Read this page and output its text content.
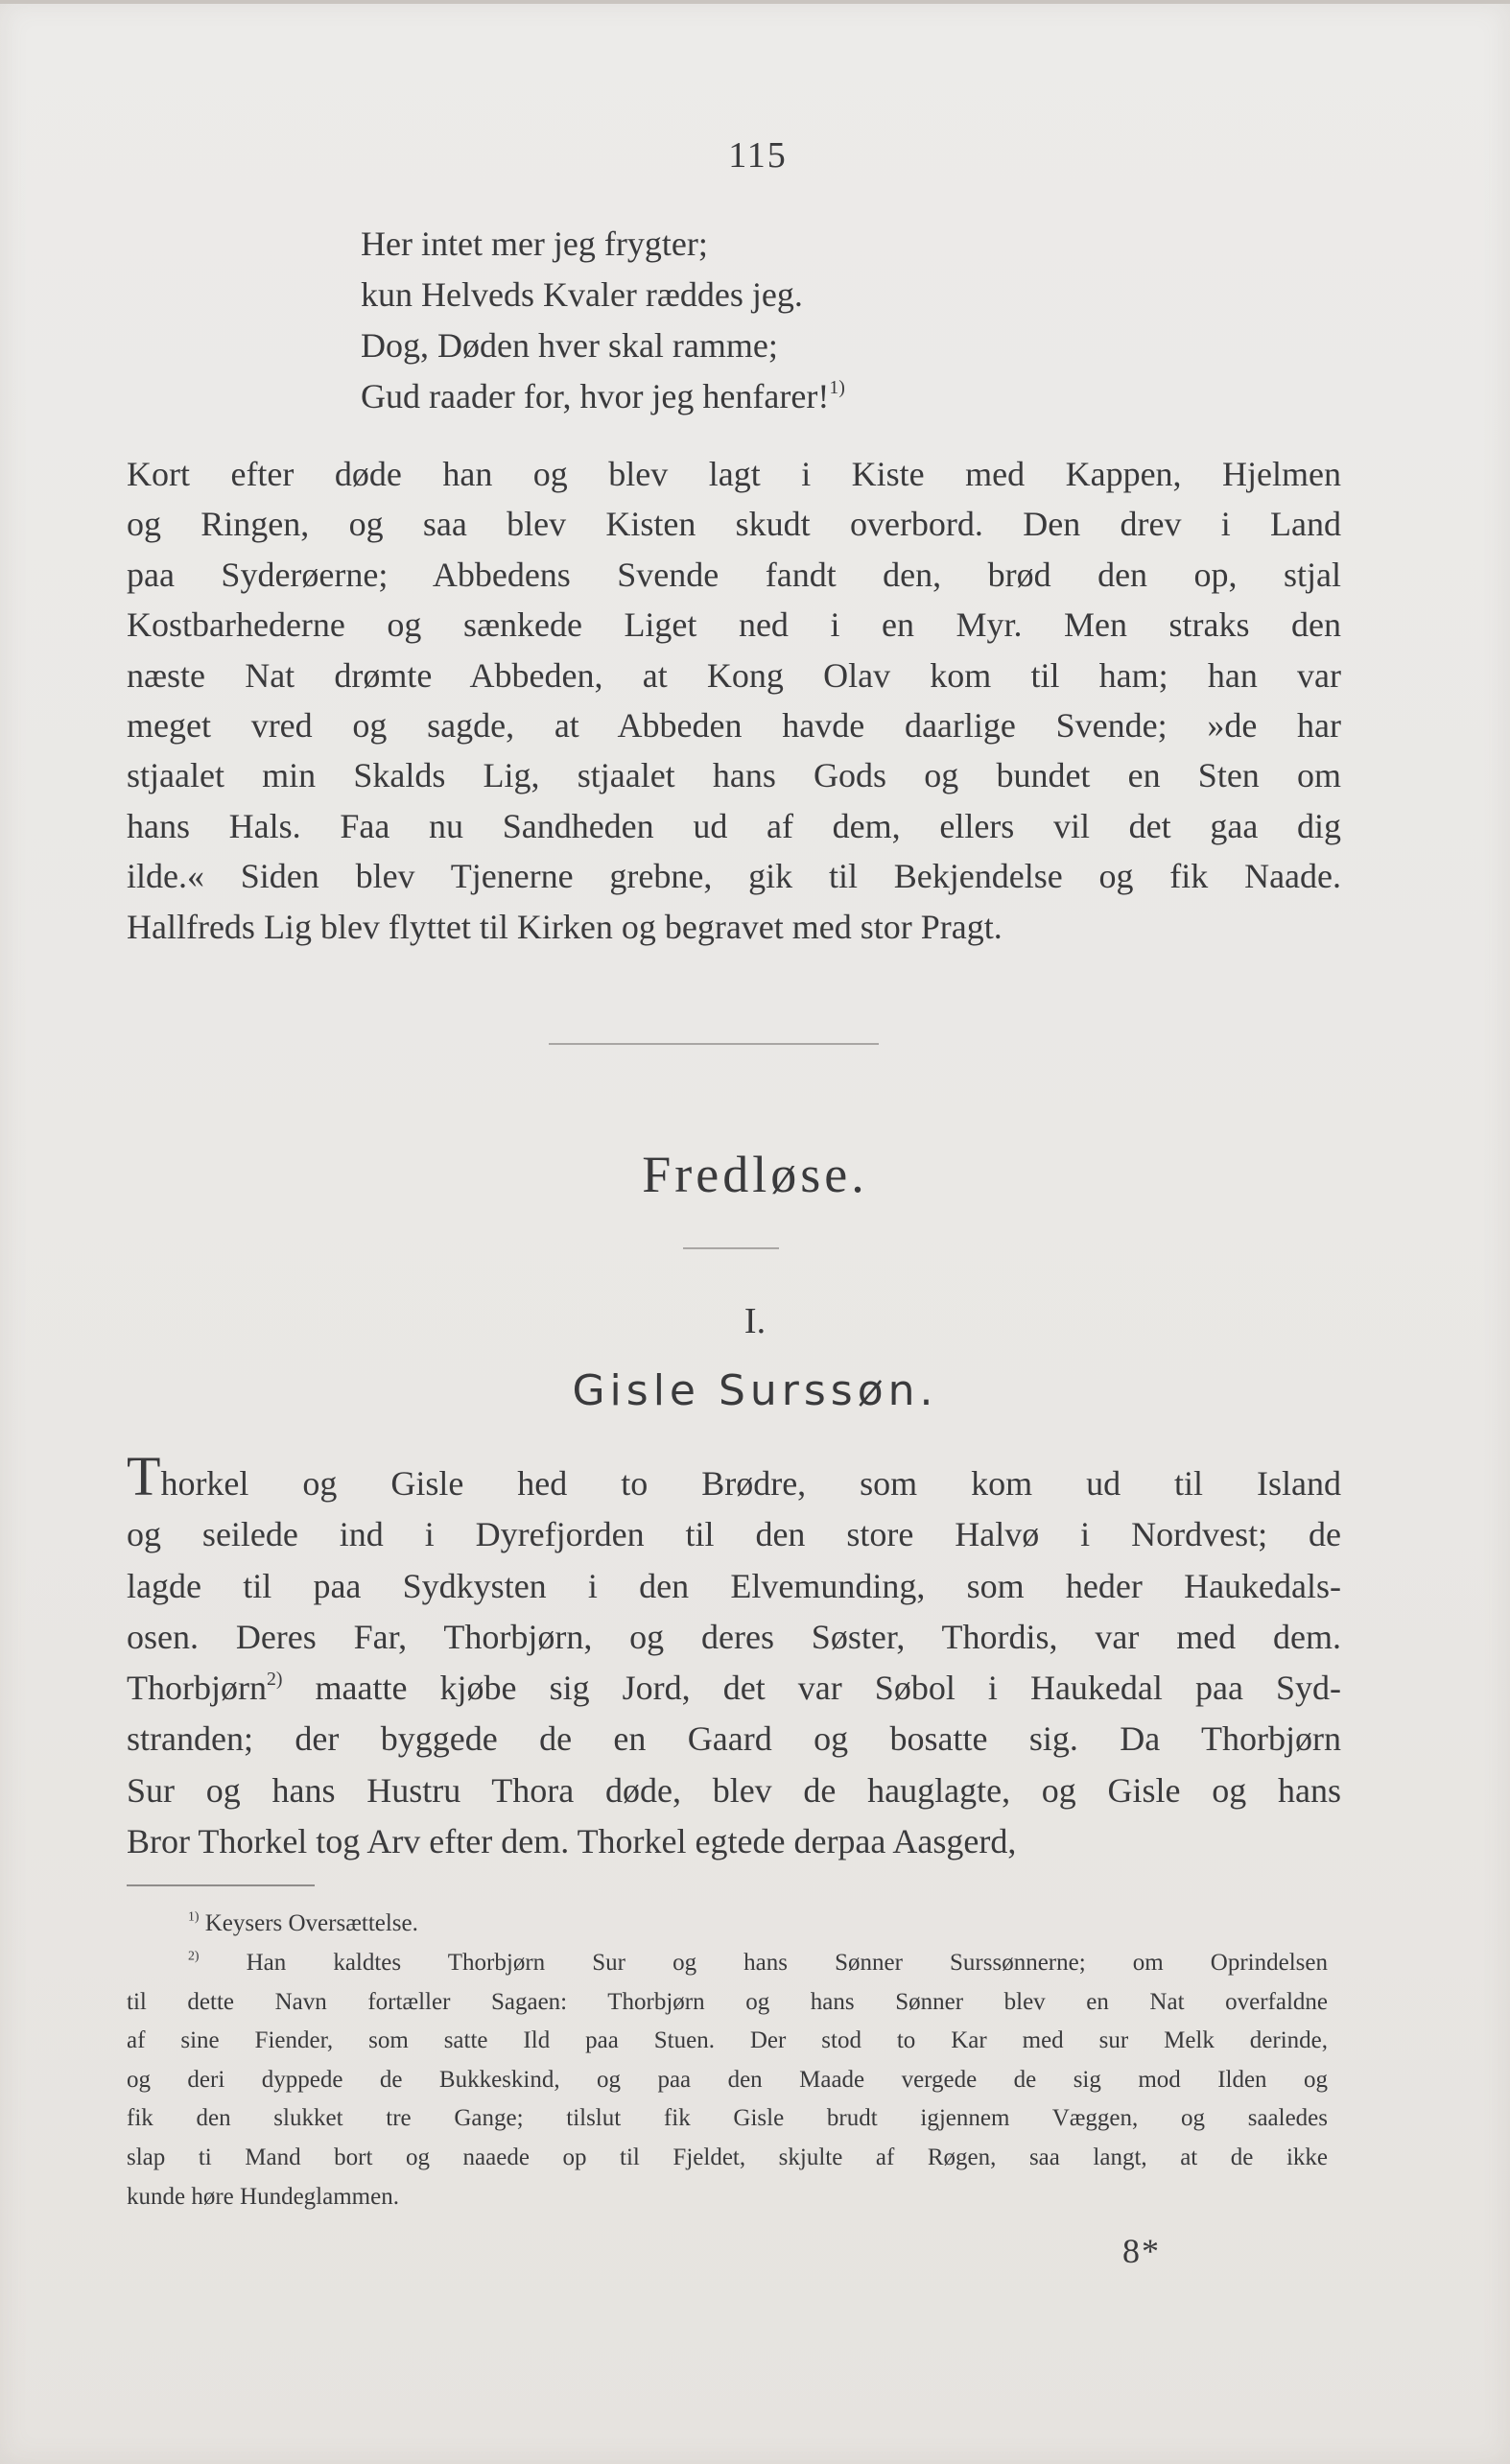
115
Her intet mer jeg frygter;
kun Helveds Kvaler ræddes jeg.
Dog, Døden hver skal ramme;
Gud raader for, hvor jeg henfarer!$^{1)}$
Kort efter døde han og blev lagt i Kiste med Kappen, Hjelmen
og Ringen, og saa blev Kisten skudt overbord. Den drev i Land
paa Syderøerne; Abbedens Svende fandt den, brød den op, stjal
Kostbarhederne og sænkede Liget ned i en Myr. Men straks den
næste Nat drømte Abbeden, at Kong Olav kom til ham; han var
meget vred og sagde, at Abbeden havde daarlige Svende; »de har
stjaalet min Skalds Lig, stjaalet hans Gods og bundet en Sten om
hans Hals. Faa nu Sandheden ud af dem, ellers vil det gaa dig
ilde.« Siden blev Tjenerne grebne, gik til Bekjendelse og fik Naade.
Hallfreds Lig blev flyttet til Kirken og begravet med stor Pragt.
Fredløse.
I.
Gisle Surssøn.
Thorkel og Gisle hed to Brødre, som kom ud til Island
og seilede ind i Dyrefjorden til den store Halvø i Nordvest; de
lagde til paa Sydkysten i den Elvemunding, som heder Haukedals-
osen. Deres Far, Thorbjørn, og deres Søster, Thordis, var med dem.
Thorbjørn$^{2)}$ maatte kjøbe sig Jord, det var Søbol i Haukedal paa Syd-
stranden; der byggede de en Gaard og bosatte sig. Da Thorbjørn
Sur og hans Hustru Thora døde, blev de hauglagte, og Gisle og hans
Bror Thorkel tog Arv efter dem. Thorkel egtede derpaa Aasgerd,
$^{1)}$ Keysers Oversættelse.
$^{2)}$ Han kaldtes Thorbjørn Sur og hans Sønner Surssønnerne; om Oprindelsen
til dette Navn fortæller Sagaen: Thorbjørn og hans Sønner blev en Nat overfaldne
af sine Fiender, som satte Ild paa Stuen. Der stod to Kar med sur Melk derinde,
og deri dyppede de Bukkeskind, og paa den Maade vergede de sig mod Ilden og
fik den slukket tre Gange; tilslut fik Gisle brudt igjennem Væggen, og saaledes
slap ti Mand bort og naaede op til Fjeldet, skjulte af Røgen, saa langt, at de ikke
kunde høre Hundeglammen.
8*
